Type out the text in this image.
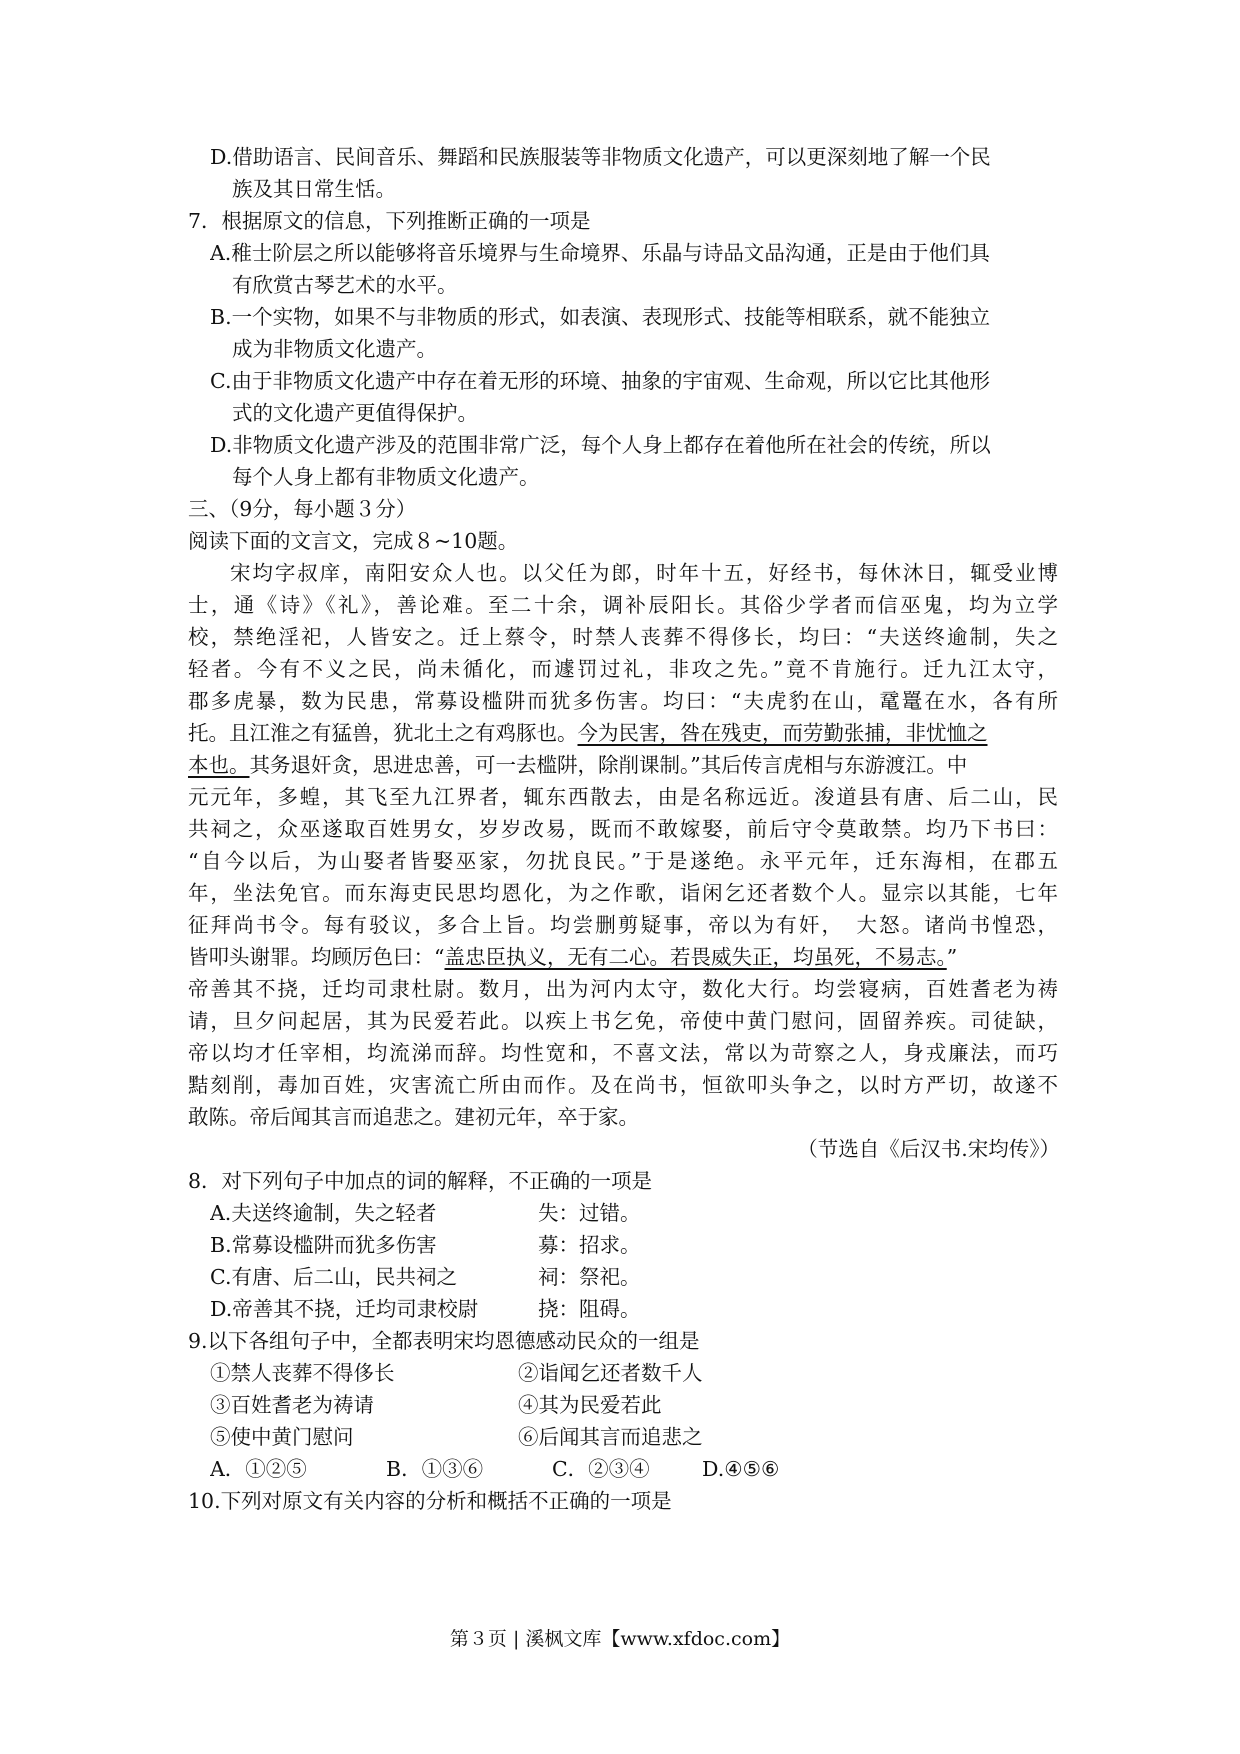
D.借助语言、民间音乐、舞蹈和民族服装等非物质文化遗产，可以更深刻地了解一个民
族及其日常生恬。
7．根据原文的信息，下列推断正确的一项是
A.稚士阶层之所以能够将音乐境界与生命境界、乐晶与诗品文品沟通，正是由于他们具
有欣赏古琴艺术的水平。
B.一个实物，如果不与非物质的形式，如表演、表现形式、技能等相联系，就不能独立
成为非物质文化遗产。
C.由于非物质文化遗产中存在着无形的环境、抽象的宇宙观、生命观，所以它比其他形
式的文化遗产更值得保护。
D.非物质文化遗产涉及的范围非常广泛，每个人身上都存在着他所在社会的传统，所以
每个人身上都有非物质文化遗产。
三、（9分，每小题３分）
阅读下面的文言文，完成８~10题。
宋均字叔庠，南阳安众人也。以父任为郎，时年十五，好经书，每休沐日，辄受业博
士，通《诗》《礼》，善论难。至二十余，调补辰阳长。其俗少学者而信巫鬼，均为立学
校，禁绝淫祀，人皆安之。迁上蔡令，时禁人丧葬不得侈长，均曰：“夫送终逾制，失之
轻者。今有不义之民，尚未循化，而遽罚过礼，非攻之先。”竟不肯施行。迁九江太守，
郡多虎暴，数为民患，常募设槛阱而犹多伤害。均曰：“夫虎豹在山，鼋鼍在水，各有所
托。且江淮之有猛兽，犹北土之有鸡豚也。今为民害，咎在残吏，而劳勤张捕，非忧恤之
本也。其务退奸贪，思进忠善，可一去槛阱，除削课制。”其后传言虎相与东游渡江。中
元元年，多蝗，其飞至九江界者，辄东西散去，由是名称远近。浚道县有唐、后二山，民
共祠之，众巫遂取百姓男女，岁岁改易，既而不敢嫁娶，前后守令莫敢禁。均乃下书曰：
“自今以后，为山娶者皆娶巫家，勿扰良民。”于是遂绝。永平元年，迁东海相，在郡五
年，坐法免官。而东海吏民思均恩化，为之作歌，诣闲乞还者数个人。显宗以其能，七年
征拜尚书令。每有驳议，多合上旨。均尝删剪疑事，帝以为有奸，　大怒。诸尚书惶恐，
皆叩头谢罪。均顾厉色曰：“盖忠臣执义，无有二心。若畏威失正，均虽死，不易志。”
帝善其不挠，迁均司隶杜尉。数月，出为河内太守，数化大行。均尝寝病，百姓耆老为祷
请，旦夕问起居，其为民爱若此。以疾上书乞免，帝使中黄门慰问，固留养疾。司徒缺，
帝以均才任宰相，均流涕而辞。均性宽和，不喜文法，常以为苛察之人，身戎廉法，而巧
黠刻削，毒加百姓，灾害流亡所由而作。及在尚书，恒欲叩头争之，以时方严切，故遂不
敢陈。帝后闻其言而追悲之。建初元年，卒于家。
（节选自《后汉书.宋均传》）
8．对下列句子中加点的词的解释，不正确的一项是
A.夫送终逾制，失之轻者	失：过错。
B.常募设槛阱而犹多伤害	募：招求。
C.有唐、后二山，民共祠之	祠：祭祀。
D.帝善其不挠，迁均司隶校尉	挠：阻碍。
9.以下各组句子中，全都表明宋均恩德感动民众的一组是
①禁人丧葬不得侈长	②诣闻乞还者数千人
③百姓耆老为祷请	④其为民爱若此
⑤使中黄门慰问	⑥后闻其言而追悲之
A．①②⑤	B．①③⑥	C．②③④	D.④⑤⑥
10.下列对原文有关内容的分析和概括不正确的一项是
第３页 | 溪枫文库【www.xfdoc.com】
